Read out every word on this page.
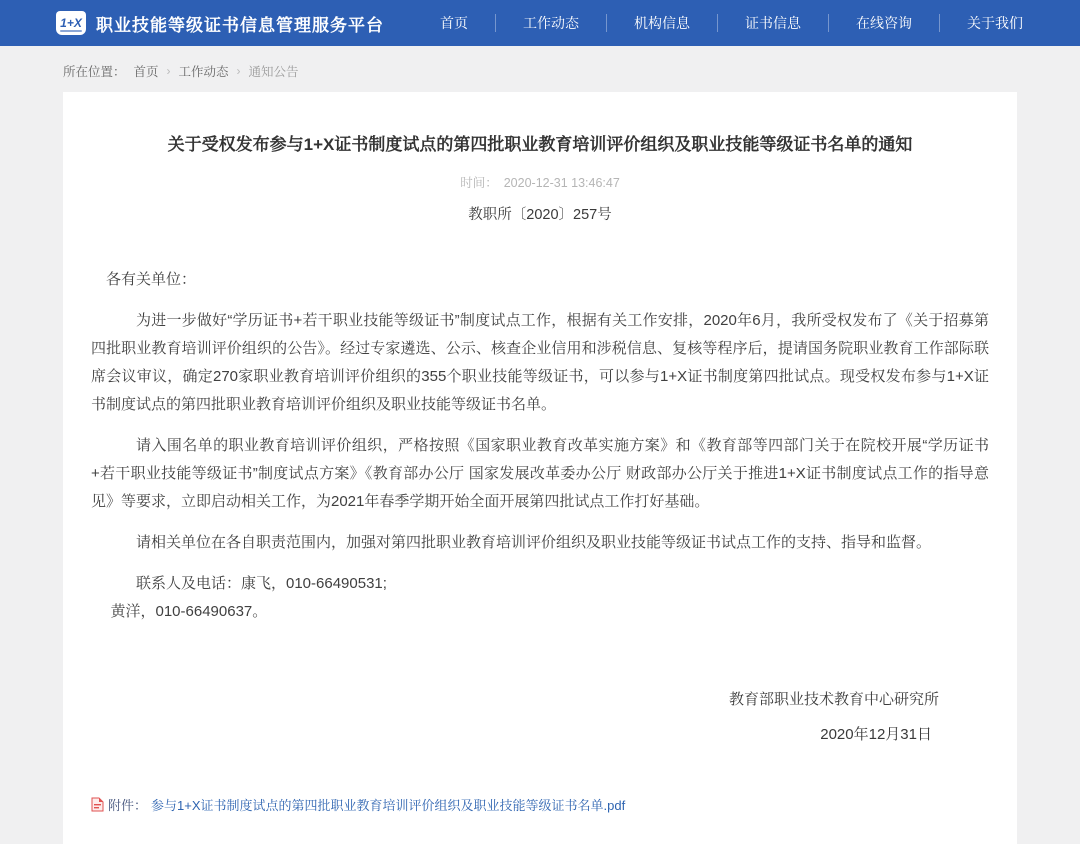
1+X 职业技能等级证书信息管理服务平台	首页	工作动态	机构信息	证书信息	在线咨询	关于我们
所在位置： 首页 › 工作动态 › 通知公告
关于受权发布参与1+X证书制度试点的第四批职业教育培训评价组织及职业技能等级证书名单的通知
时间： 2020-12-31 13:46:47
教职所〔2020〕257号

各有关单位：

为进一步做好“学历证书+若干职业技能等级证书”制度试点工作，根据有关工作安排，2020年6月，我所受权发布了《关于招募第四批职业教育培训评价组织的公告》。经过专家遴选、公示、核查企业信用和涉税信息、复核等程序后，提请国务院职业教育工作部际联席会议审议，确定270家职业教育培训评价组织的355个职业技能等级证书，可以参与1+X证书制度第四批试点。现受权发布参与1+X证书制度试点的第四批职业教育培训评价组织及职业技能等级证书名单。

请入围名单的职业教育培训评价组织，严格按照《国家职业教育改革实施方案》和《教育部等四部门关于在院校开展“学历证书+若干职业技能等级证书”制度试点方案》《教育部办公厅 国家发展改革委办公厅 财政部办公厅关于推进1+X证书制度试点工作的指导意见》等要求，立即启动相关工作，为2021年春季学期开始全面开展第四批试点工作打好基础。

请相关单位在各自职责范围内，加强对第四批职业教育培训评价组织及职业技能等级证书试点工作的支持、指导和监督。

联系人及电话：康飞，010-66490531;

黄洋，010-66490637。

教育部职业技术教育中心研究所
2020年12月31日
附件： 参与1+X证书制度试点的第四批职业教育培训评价组织及职业技能等级证书名单.pdf
